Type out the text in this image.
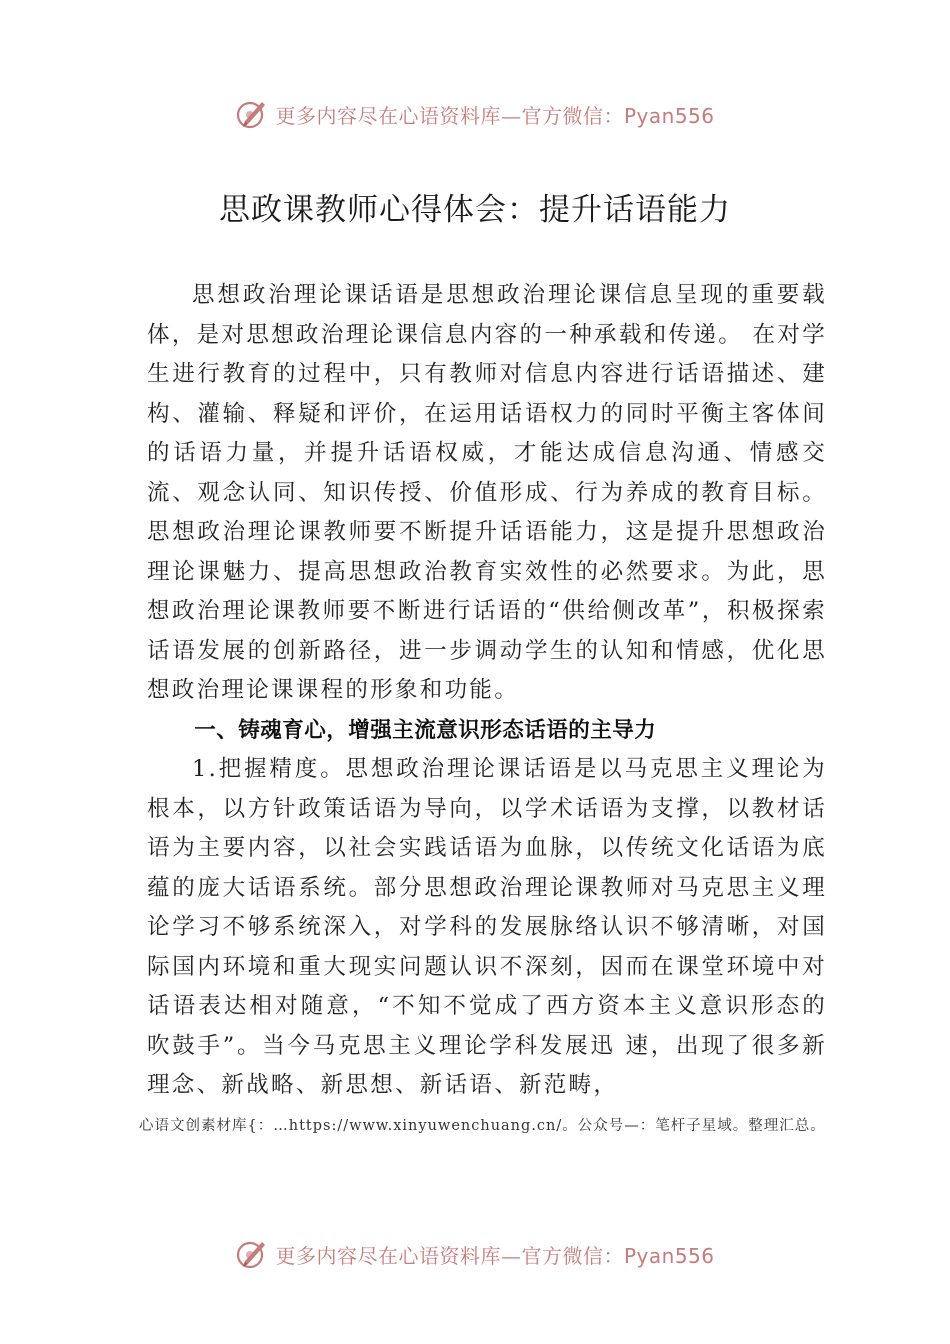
更多内容尽在心语资料库—官方微信：Pyan556
思政课教师心得体会：提升话语能力

思想政治理论课话语是思想政治理论课信息呈现的重要载体，是对思想政治理论课信息内容的一种承载和传递。 在对学生进行教育的过程中，只有教师对信息内容进行话语描述、建构、灌输、释疑和评价，在运用话语权力的同时平衡主客体间的话语力量，并提升话语权威，才能达成信息沟通、情感交流、观念认同、知识传授、价值形成、行为养成的教育目标。思想政治理论课教师要不断提升话语能力，这是提升思想政治理论课魅力、提高思想政治教育实效性的必然要求。为此，思想政治理论课教师要不断进行话语的“供给侧改革”，积极探索话语发展的创新路径，进一步调动学生的认知和情感，优化思想政治理论课课程的形象和功能。

一、铸魂育心，增强主流意识形态话语的主导力

1.把握精度。思想政治理论课话语是以马克思主义理论为根本，以方针政策话语为导向，以学术话语为支撑，以教材话语为主要内容，以社会实践话语为血脉，以传统文化话语为底蕴的庞大话语系统。部分思想政治理论课教师对马克思主义理论学习不够系统深入，对学科的发展脉络认识不够清晰，对国际国内环境和重大现实问题认识不深刻，因而在课堂环境中对话语表达相对随意，“不知不觉成了西方资本主义意识形态的吹鼓手”。当今马克思主义理论学科发展迅 速，出现了很多新理念、新战略、新思想、新话语、新范畴，

心语文创素材库{：…https://www.xinyuwenchuang.cn/。公众号—：笔杆子星域。整理汇总。
更多内容尽在心语资料库—官方微信：Pyan556
